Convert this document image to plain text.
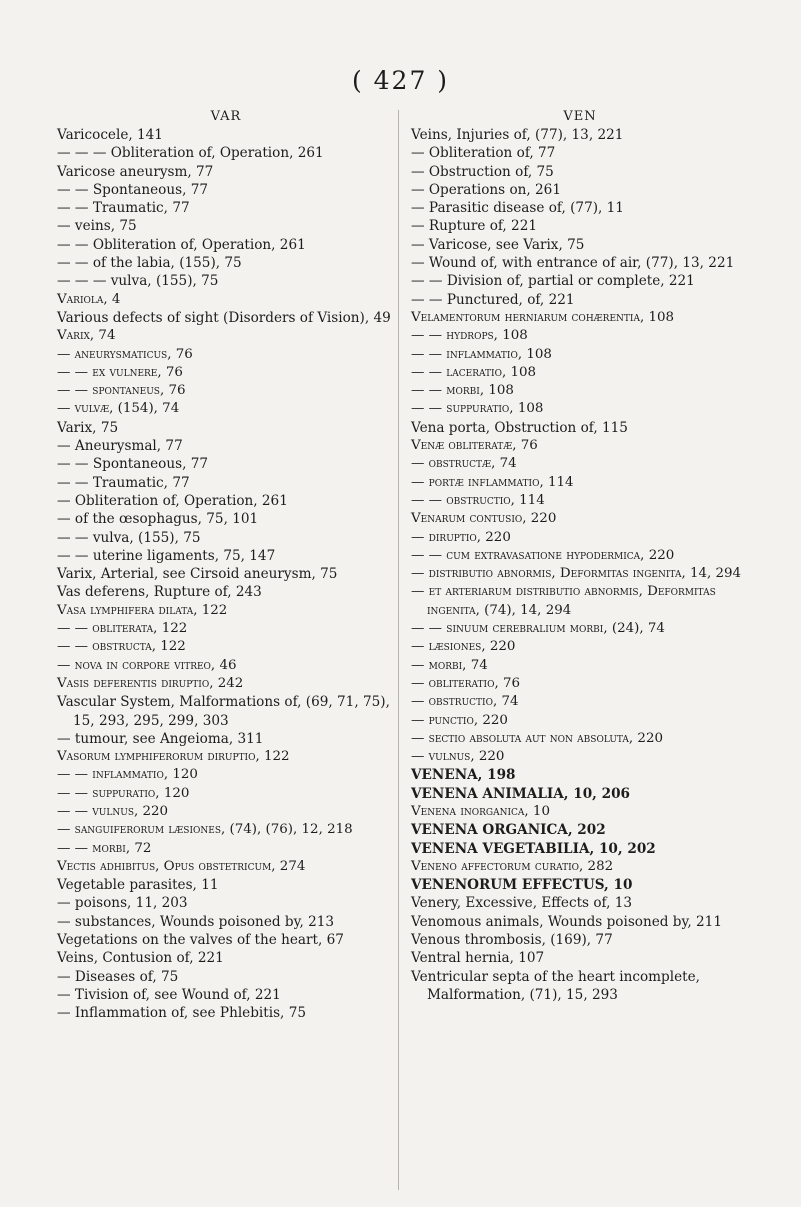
( 427 )
VAR
Varicocele, 141
— — — Obliteration of, Operation, 261
Varicose aneurysm, 77
— — Spontaneous, 77
— — Traumatic, 77
— veins, 75
— — Obliteration of, Operation, 261
— — of the labia, (155), 75
— — — vulva, (155), 75
Variola, 4
Various defects of sight (Disorders of Vision), 49
Varix, 74
— aneurysmaticus, 76
— — ex vulnere, 76
— — spontaneus, 76
— vulvæ, (154), 74
Varix, 75
— Aneurysmal, 77
— — Spontaneous, 77
— — Traumatic, 77
— Obliteration of, Operation, 261
— of the œsophagus, 75, 101
— — vulva, (155), 75
— — uterine ligaments, 75, 147
Varix, Arterial, see Cirsoid aneurysm, 75
Vas deferens, Rupture of, 243
Vasa lymphifera dilata, 122
— — obliterata, 122
— — obstructa, 122
— nova in corpore vitreo, 46
Vasis deferentis diruptio, 242
Vascular System, Malformations of, (69, 71, 75), 15, 293, 295, 299, 303
— tumour, see Angeioma, 311
Vasorum lymphiferorum diruptio, 122
— — inflammatio, 120
— — suppuratio, 120
— — vulnus, 220
— sanguiferorum læsiones, (74), (76), 12, 218
— — morbi, 72
Vectis adhibitus, Opus obstetricum, 274
Vegetable parasites, 11
— poisons, 11, 203
— substances, Wounds poisoned by, 213
Vegetations on the valves of the heart, 67
Veins, Contusion of, 221
— Diseases of, 75
— Tivision of, see Wound of, 221
— Inflammation of, see Phlebitis, 75
VEN
Veins, Injuries of, (77), 13, 221
— Obliteration of, 77
— Obstruction of, 75
— Operations on, 261
— Parasitic disease of, (77), 11
— Rupture of, 221
— Varicose, see Varix, 75
— Wound of, with entrance of air, (77), 13, 221
— — Division of, partial or complete, 221
— — Punctured, of, 221
Velamentorum herniarum cohærentia, 108
— — hydrops, 108
— — inflammatio, 108
— — laceratio, 108
— — morbi, 108
— — suppuratio, 108
Vena porta, Obstruction of, 115
Venæ obliteratæ, 76
— obstructæ, 74
— portæ inflammatio, 114
— — obstructio, 114
Venarum contusio, 220
— diruptio, 220
— — cum extravasatione hypodermica, 220
— distributio abnormis, Deformitas ingenita, 14, 294
— et arteriarum distributio abnormis, Deformitas ingenita, (74), 14, 294
— — sinuum cerebralium morbi, (24), 74
— læsiones, 220
— morbi, 74
— obliteratio, 76
— obstructio, 74
— punctio, 220
— sectio absoluta aut non absoluta, 220
— vulnus, 220
VENENA, 198
VENENA ANIMALIA, 10, 206
Venena inorganica, 10
VENENA ORGANICA, 202
VENENA VEGETABILIA, 10, 202
Veneno affectorum curatio, 282
VENENORUM EFFECTUS, 10
Venery, Excessive, Effects of, 13
Venomous animals, Wounds poisoned by, 211
Venous thrombosis, (169), 77
Ventral hernia, 107
Ventricular septa of the heart incomplete, Malformation, (71), 15, 293
